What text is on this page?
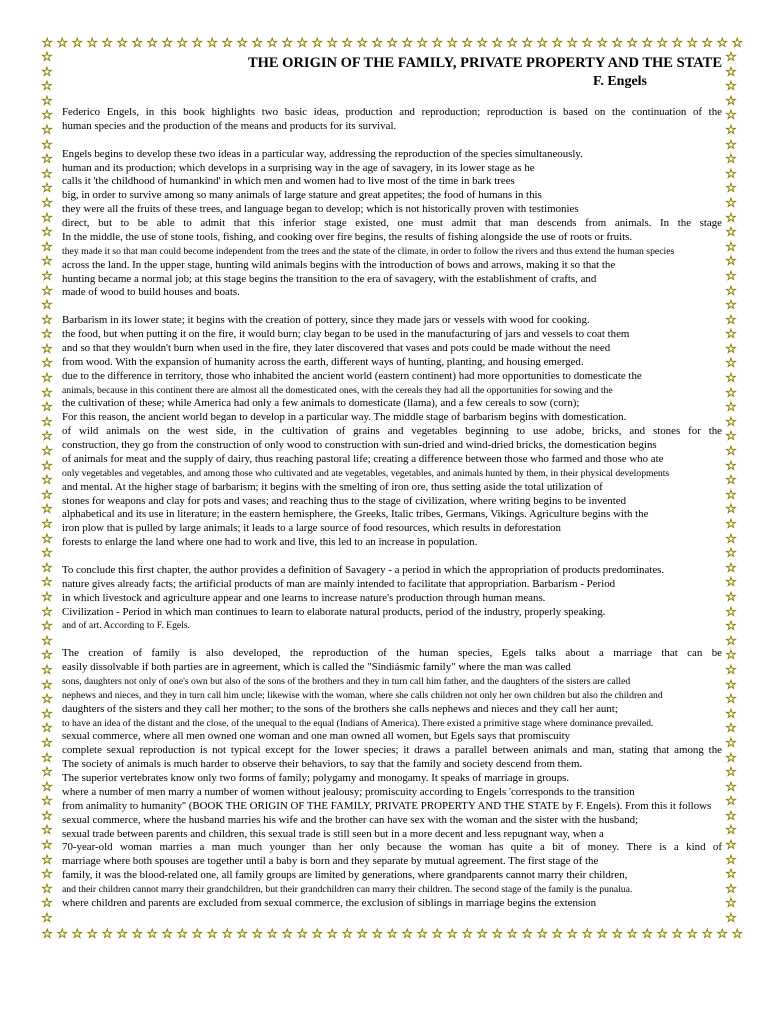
☆ ☆ ☆ ☆ ☆ ☆ ☆ ☆ ☆ ☆ ☆ ☆ ☆ ☆ ☆ ☆ ☆ ☆ ☆ ☆ ☆ ☆ ☆ ☆ ☆ ☆ ☆ ☆ ☆ ☆ ☆ ☆ ☆ ☆ ☆ ☆ ☆ ☆ ☆ ☆ ☆ ☆ ☆ ☆ ☆ ☆ ☆
☆
☆
☆
☆
☆
☆
☆
☆
☆
☆
☆
☆
☆
☆
☆
☆
☆
☆
☆
☆
☆
☆
☆
☆
☆
☆
☆
☆
☆
☆
☆
☆
☆
☆
☆
☆
☆
☆
☆
☆
☆
☆
☆
☆
☆
☆
☆
☆
☆
☆
☆
☆
☆
☆
☆
☆
☆
☆
☆
☆
☆
☆
☆
☆
☆
☆
☆
☆
☆
☆
☆
☆
☆
☆
☆
☆
☆
☆
☆
☆
☆
☆
☆
☆
☆
☆
☆
☆
☆
☆
☆
☆
☆
☆
☆
☆
☆
☆
☆
☆
☆
☆
☆
☆
☆
☆
☆
☆
☆
☆
☆
☆
☆
☆
☆
☆
☆
☆
☆
☆
☆ ☆ ☆ ☆ ☆ ☆ ☆ ☆ ☆ ☆ ☆ ☆ ☆ ☆ ☆ ☆ ☆ ☆ ☆ ☆ ☆ ☆ ☆ ☆ ☆ ☆ ☆ ☆ ☆ ☆ ☆ ☆ ☆ ☆ ☆ ☆ ☆ ☆ ☆ ☆ ☆ ☆ ☆ ☆ ☆ ☆ ☆
THE ORIGIN OF THE FAMILY, PRIVATE PROPERTY AND THE STATE
F. Engels
Federico Engels, in this book highlights two basic ideas, production and reproduction; reproduction is based on the continuation of the
human species and the production of the means and products for its survival.
Engels begins to develop these two ideas in a particular way, addressing the reproduction of the species simultaneously.
human and its production; which develops in a surprising way in the age of savagery, in its lower stage as he
calls it 'the childhood of humankind' in which men and women had to live most of the time in bark trees
big, in order to survive among so many animals of large stature and great appetites; the food of humans in this
they were all the fruits of these trees, and language began to develop; which is not historically proven with testimonies
direct, but to be able to admit that this inferior stage existed, one must admit that man descends from animals. In the stage
In the middle, the use of stone tools, fishing, and cooking over fire begins, the results of fishing alongside the use of roots or fruits.
they made it so that man could become independent from the trees and the state of the climate, in order to follow the rivers and thus extend the human species
across the land. In the upper stage, hunting wild animals begins with the introduction of bows and arrows, making it so that the
hunting became a normal job; at this stage begins the transition to the era of savagery, with the establishment of crafts, and
made of wood to build houses and boats.
Barbarism in its lower state; it begins with the creation of pottery, since they made jars or vessels with wood for cooking.
the food, but when putting it on the fire, it would burn; clay began to be used in the manufacturing of jars and vessels to coat them
and so that they wouldn't burn when used in the fire, they later discovered that vases and pots could be made without the need
from wood. With the expansion of humanity across the earth, different ways of hunting, planting, and housing emerged.
due to the difference in territory, those who inhabited the ancient world (eastern continent) had more opportunities to domesticate the
animals, because in this continent there are almost all the domesticated ones, with the cereals they had all the opportunities for sowing and the
the cultivation of these; while America had only a few animals to domesticate (llama), and a few cereals to sow (corn);
For this reason, the ancient world began to develop in a particular way. The middle stage of barbarism begins with domestication.
of wild animals on the west side, in the cultivation of grains and vegetables beginning to use adobe, bricks, and stones for the
construction, they go from the construction of only wood to construction with sun-dried and wind-dried bricks, the domestication begins
of animals for meat and the supply of dairy, thus reaching pastoral life; creating a difference between those who farmed and those who ate
only vegetables and vegetables, and among those who cultivated and ate vegetables, vegetables, and animals hunted by them, in their physical developments
and mental. At the higher stage of barbarism; it begins with the smelting of iron ore, thus setting aside the total utilization of
stones for weapons and clay for pots and vases; and reaching thus to the stage of civilization, where writing begins to be invented
alphabetical and its use in literature; in the eastern hemisphere, the Greeks, Italic tribes, Germans, Vikings. Agriculture begins with the
iron plow that is pulled by large animals; it leads to a large source of food resources, which results in deforestation
forests to enlarge the land where one had to work and live, this led to an increase in population.
To conclude this first chapter, the author provides a definition of Savagery - a period in which the appropriation of products predominates.
nature gives already facts; the artificial products of man are mainly intended to facilitate that appropriation. Barbarism - Period
in which livestock and agriculture appear and one learns to increase nature's production through human means.
Civilization - Period in which man continues to learn to elaborate natural products, period of the industry, properly speaking.
and of art. According to F. Egels.
The creation of family is also developed, the reproduction of the human species, Egels talks about a marriage that can be
easily dissolvable if both parties are in agreement, which is called the "Sindiásmic family" where the man was called
sons, daughters not only of one's own but also of the sons of the brothers and they in turn call him father, and the daughters of the sisters are called
nephews and nieces, and they in turn call him uncle; likewise with the woman, where she calls children not only her own children but also the children and
daughters of the sisters and they call her mother; to the sons of the brothers she calls nephews and nieces and they call her aunt;
to have an idea of the distant and the close, of the unequal to the equal (Indians of America). There existed a primitive stage where dominance prevailed.
sexual commerce, where all men owned one woman and one man owned all women, but Egels says that promiscuity
complete sexual reproduction is not typical except for the lower species; it draws a parallel between animals and man, stating that among the
The society of animals is much harder to observe their behaviors, to say that the family and society descend from them.
The superior vertebrates know only two forms of family; polygamy and monogamy. It speaks of marriage in groups.
where a number of men marry a number of women without jealousy; promiscuity according to Engels 'corresponds to the transition
from animality to humanity'' (BOOK THE ORIGIN OF THE FAMILY, PRIVATE PROPERTY AND THE STATE by F. Engels). From this it follows
sexual commerce, where the husband marries his wife and the brother can have sex with the woman and the sister with the husband;
sexual trade between parents and children, this sexual trade is still seen but in a more decent and less repugnant way, when a
70-year-old woman marries a man much younger than her only because the woman has quite a bit of money. There is a kind of
marriage where both spouses are together until a baby is born and they separate by mutual agreement. The first stage of the
family, it was the blood-related one, all family groups are limited by generations, where grandparents cannot marry their children,
and their children cannot marry their grandchildren, but their grandchildren can marry their children. The second stage of the family is the punalua.
where children and parents are excluded from sexual commerce, the exclusion of siblings in marriage begins the extension
